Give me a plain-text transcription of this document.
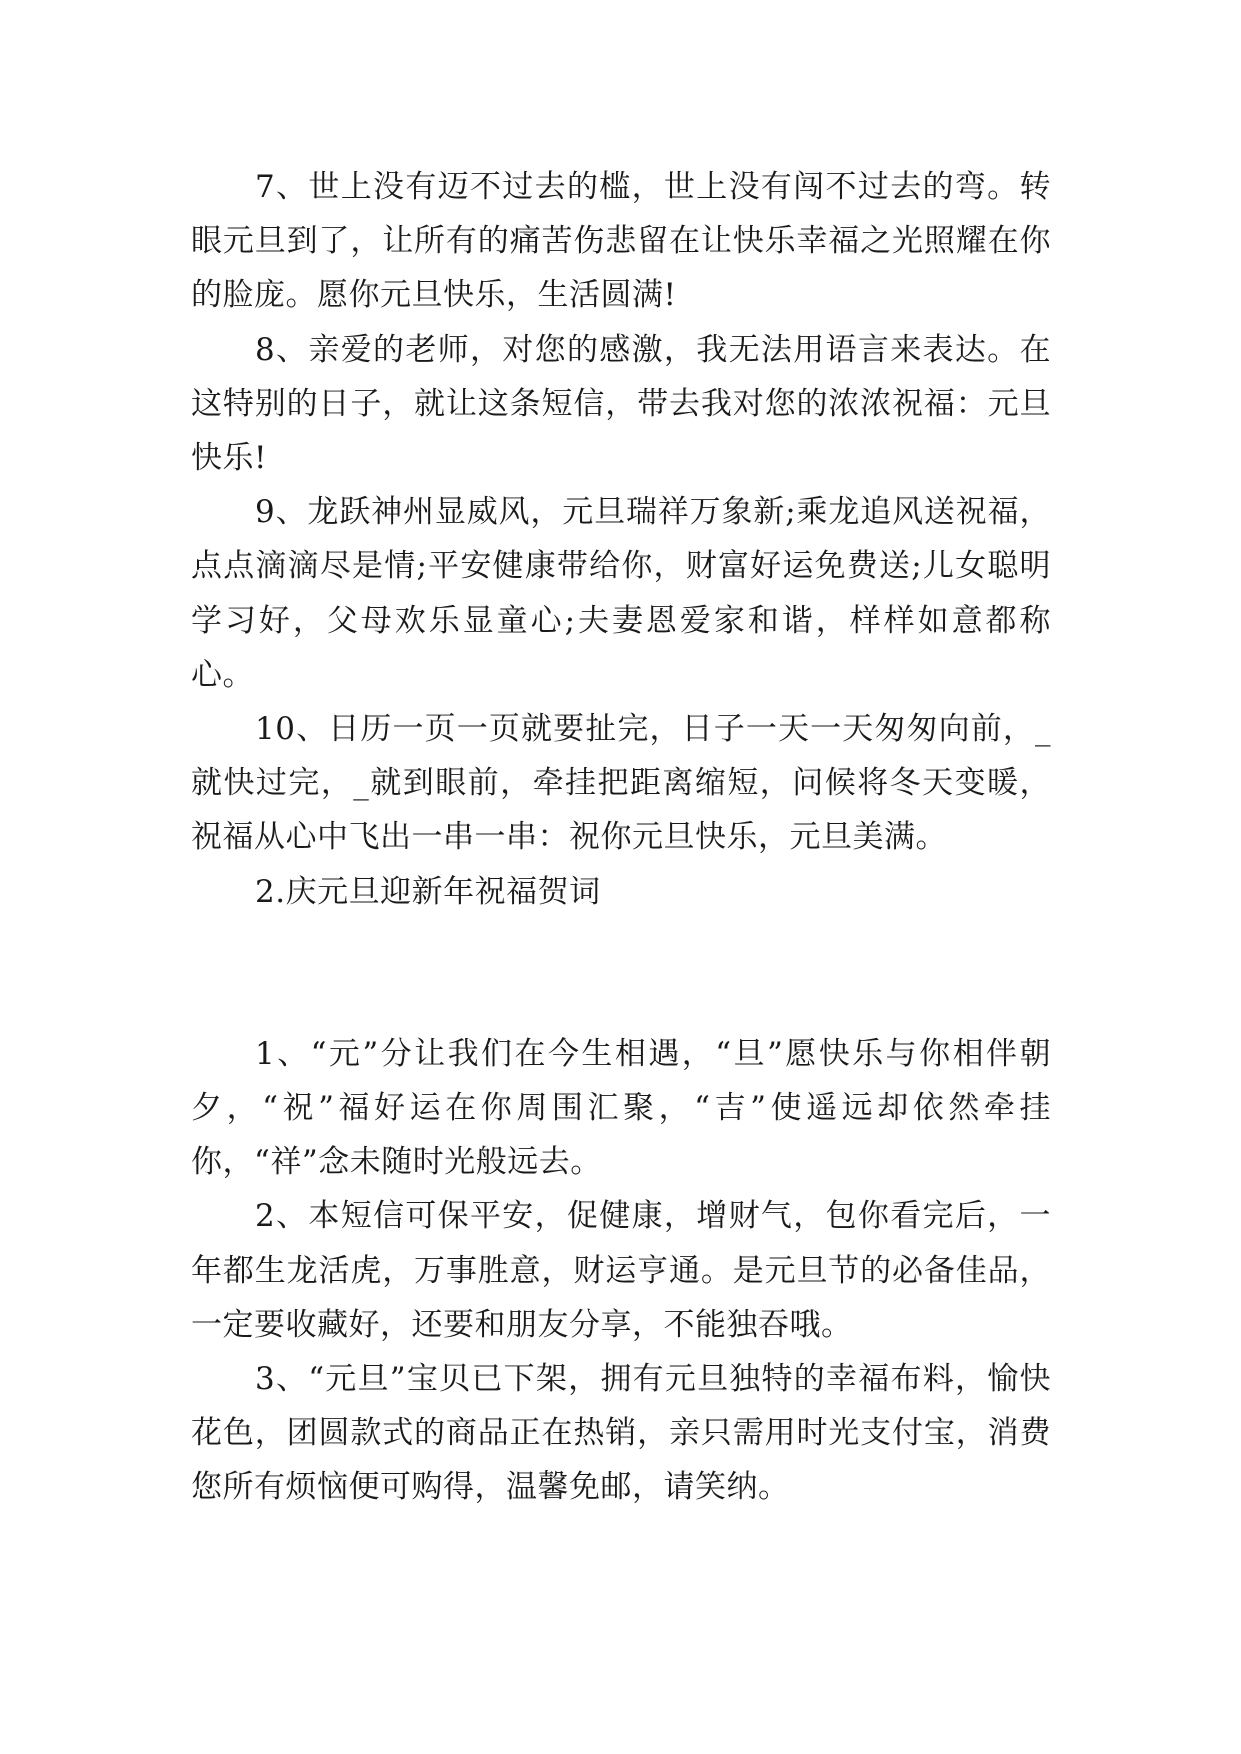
7、世上没有迈不过去的槛，世上没有闯不过去的弯。转眼元旦到了，让所有的痛苦伤悲留在让快乐幸福之光照耀在你的脸庞。愿你元旦快乐，生活圆满!

8、亲爱的老师，对您的感激，我无法用语言来表达。在这特别的日子，就让这条短信，带去我对您的浓浓祝福：元旦快乐!

9、龙跃神州显威风，元旦瑞祥万象新;乘龙追风送祝福，点点滴滴尽是情;平安健康带给你，财富好运免费送;儿女聪明学习好，父母欢乐显童心;夫妻恩爱家和谐，样样如意都称心。

10、日历一页一页就要扯完，日子一天一天匆匆向前，_就快过完，_就到眼前，牵挂把距离缩短，问候将冬天变暖，祝福从心中飞出一串一串：祝你元旦快乐，元旦美满。

2.庆元旦迎新年祝福贺词

1、“元”分让我们在今生相遇，“旦”愿快乐与你相伴朝夕，“祝”福好运在你周围汇聚，“吉”使遥远却依然牵挂你，“祥”念未随时光般远去。

2、本短信可保平安，促健康，增财气，包你看完后，一年都生龙活虎，万事胜意，财运亨通。是元旦节的必备佳品，一定要收藏好，还要和朋友分享，不能独吞哦。

3、“元旦”宝贝已下架，拥有元旦独特的幸福布料，愉快花色，团圆款式的商品正在热销，亲只需用时光支付宝，消费您所有烦恼便可购得，温馨免邮，请笑纳。
